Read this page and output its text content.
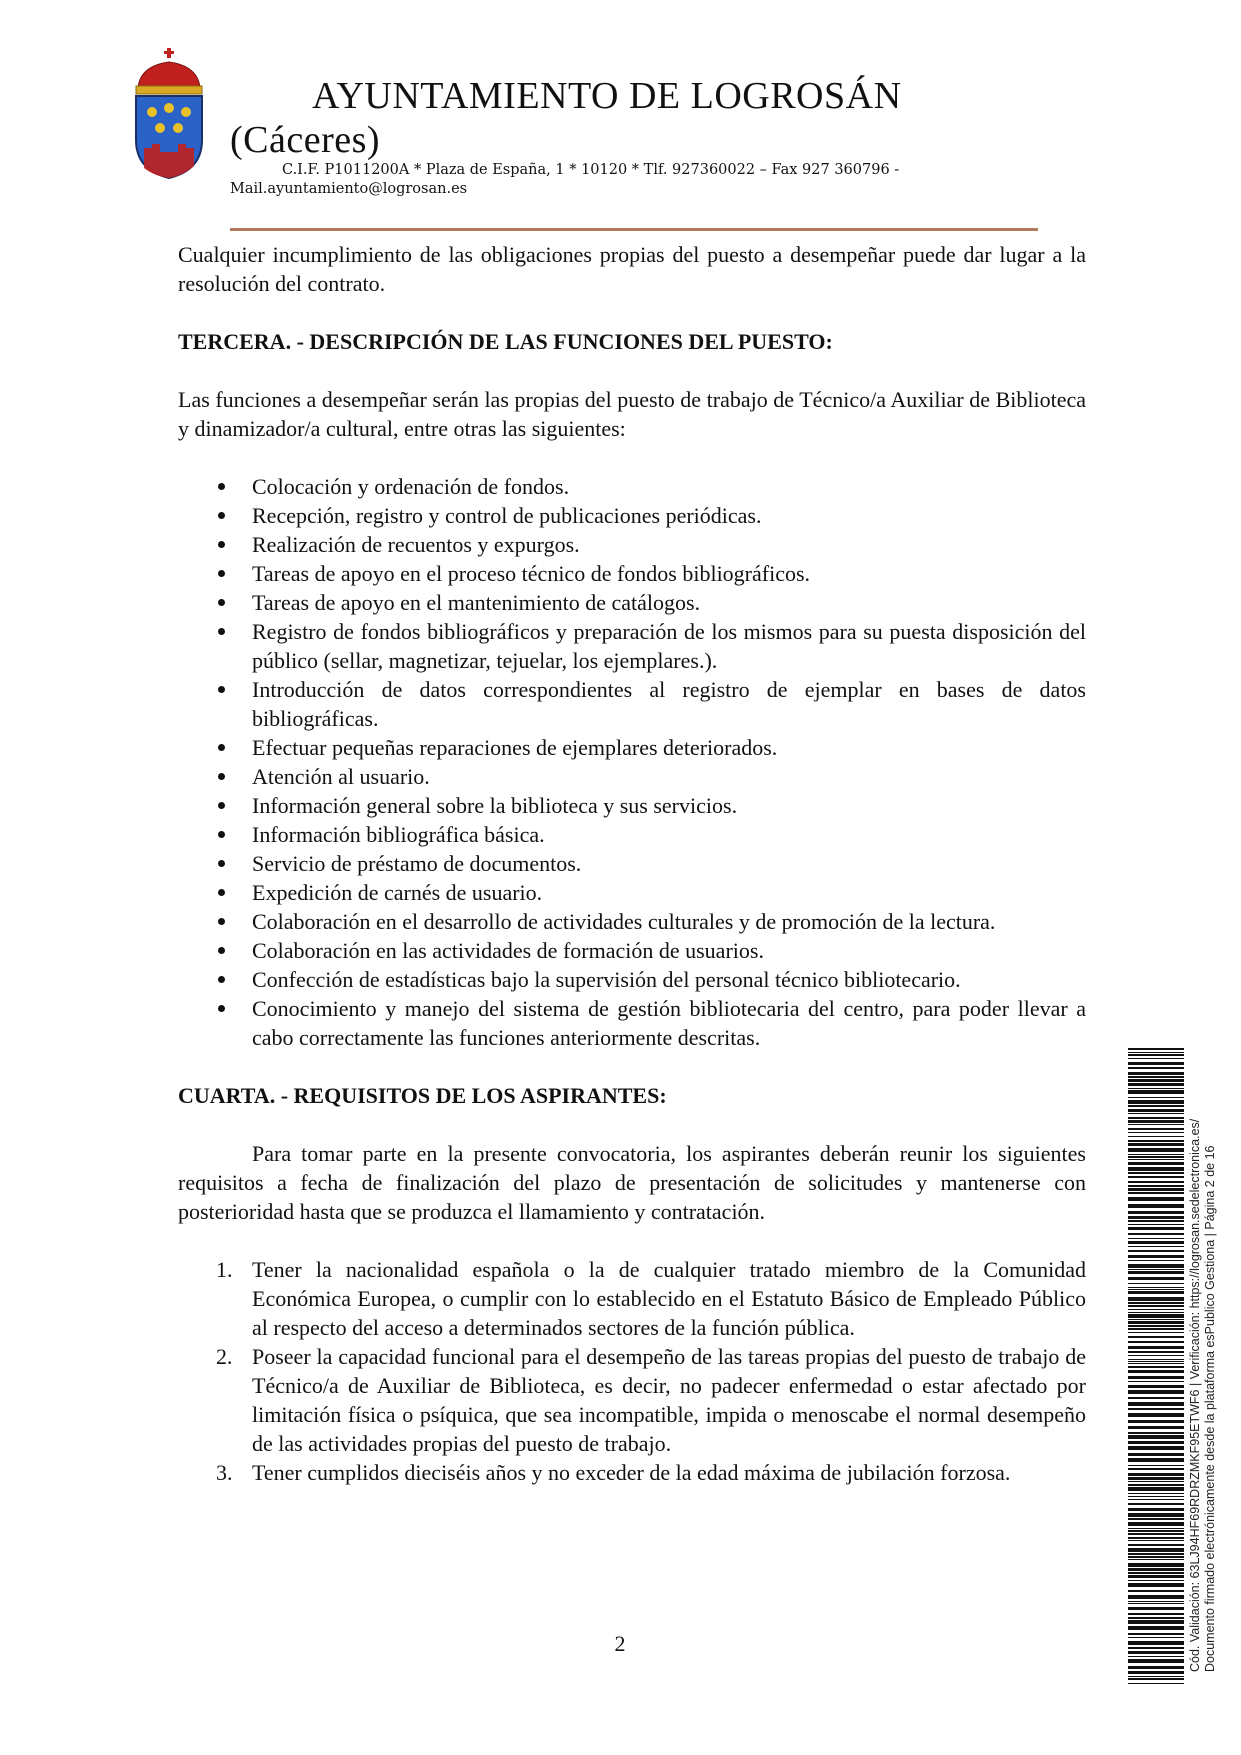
AYUNTAMIENTO DE LOGROSÁN
(Cáceres)
C.I.F. P1011200A * Plaza de España, 1 * 10120 * Tlf. 927360022 – Fax 927 360796 -
Mail.ayuntamiento@logrosan.es

Cualquier incumplimiento de las obligaciones propias del puesto a desempeñar puede dar lugar a la resolución del contrato.

TERCERA. - DESCRIPCIÓN DE LAS FUNCIONES DEL PUESTO:

Las funciones a desempeñar serán las propias del puesto de trabajo de Técnico/a Auxiliar de Biblioteca y dinamizador/a cultural, entre otras las siguientes:

Colocación y ordenación de fondos.
Recepción, registro y control de publicaciones periódicas.
Realización de recuentos y expurgos.
Tareas de apoyo en el proceso técnico de fondos bibliográficos.
Tareas de apoyo en el mantenimiento de catálogos.
Registro de fondos bibliográficos y preparación de los mismos para su puesta disposición del público (sellar, magnetizar, tejuelar, los ejemplares.).
Introducción de datos correspondientes al registro de ejemplar en bases de datos bibliográficas.
Efectuar pequeñas reparaciones de ejemplares deteriorados.
Atención al usuario.
Información general sobre la biblioteca y sus servicios.
Información bibliográfica básica.
Servicio de préstamo de documentos.
Expedición de carnés de usuario.
Colaboración en el desarrollo de actividades culturales y de promoción de la lectura.
Colaboración en las actividades de formación de usuarios.
Confección de estadísticas bajo la supervisión del personal técnico bibliotecario.
Conocimiento y manejo del sistema de gestión bibliotecaria del centro, para poder llevar a cabo correctamente las funciones anteriormente descritas.

CUARTA. - REQUISITOS DE LOS ASPIRANTES:

Para tomar parte en la presente convocatoria, los aspirantes deberán reunir los siguientes requisitos a fecha de finalización del plazo de presentación de solicitudes y mantenerse con posterioridad hasta que se produzca el llamamiento y contratación.

1. Tener la nacionalidad española o la de cualquier tratado miembro de la Comunidad Económica Europea, o cumplir con lo establecido en el Estatuto Básico de Empleado Público al respecto del acceso a determinados sectores de la función pública.
2. Poseer la capacidad funcional para el desempeño de las tareas propias del puesto de trabajo de Técnico/a de Auxiliar de Biblioteca, es decir, no padecer enfermedad o estar afectado por limitación física o psíquica, que sea incompatible, impida o menoscabe el normal desempeño de las actividades propias del puesto de trabajo.
3. Tener cumplidos dieciséis años y no exceder de la edad máxima de jubilación forzosa.
2	Cód. Validación: 63LJ94HF69RDRZMKF95ETWF6 | Verificación: https://logrosan.sedelectronica.es/ Documento firmado electrónicamente desde la plataforma esPublico Gestiona | Página 2 de 16
